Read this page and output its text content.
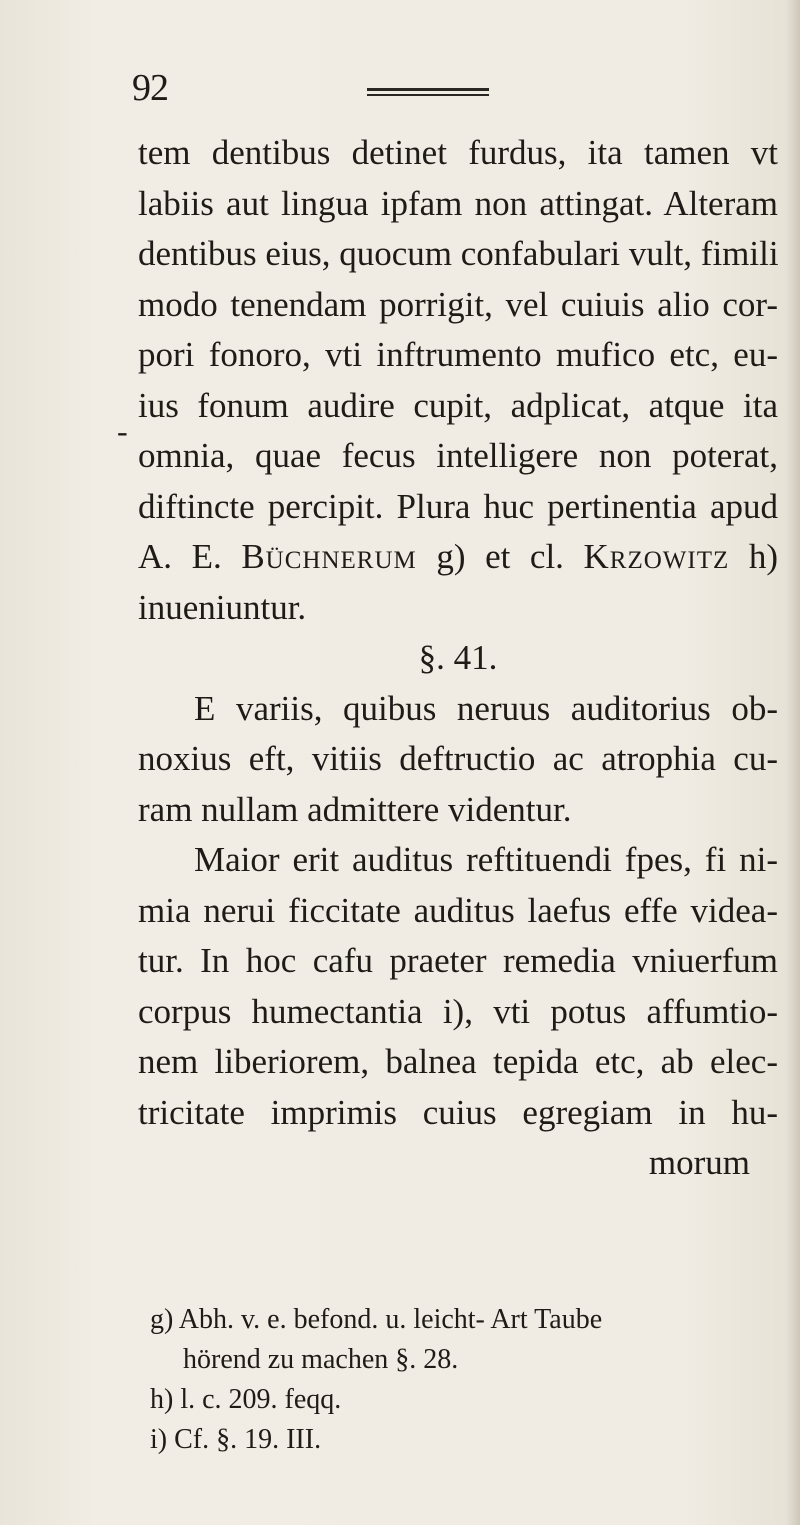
92
-
tem dentibus detinet furdus, ita tamen vt
labiis aut lingua ipfam non attingat. Alteram
dentibus eius, quocum confabulari vult, fimili
modo tenendam porrigit, vel cuiuis alio cor-
pori fonoro, vti inftrumento mufico etc, eu-
ius fonum audire cupit, adplicat, atque ita
omnia, quae fecus intelligere non poterat,
diftincte percipit. Plura huc pertinentia apud
A. E. Büchnerum g) et cl. Krzowitz h)
inueniuntur.
§. 41.
E variis, quibus neruus auditorius ob-
noxius eft, vitiis deftructio ac atrophia cu-
ram nullam admittere videntur.
Maior erit auditus reftituendi fpes, fi ni-
mia nerui ficcitate auditus laefus effe videa-
tur. In hoc cafu praeter remedia vniuerfum
corpus humectantia i), vti potus affumtio-
nem liberiorem, balnea tepida etc, ab elec-
tricitate imprimis cuius egregiam in hu-
morum
g) Abh. v. e. befond. u. leicht- Art Taube
hörend zu machen §. 28.
h) l. c. 209. feqq.
i) Cf. §. 19. III.
